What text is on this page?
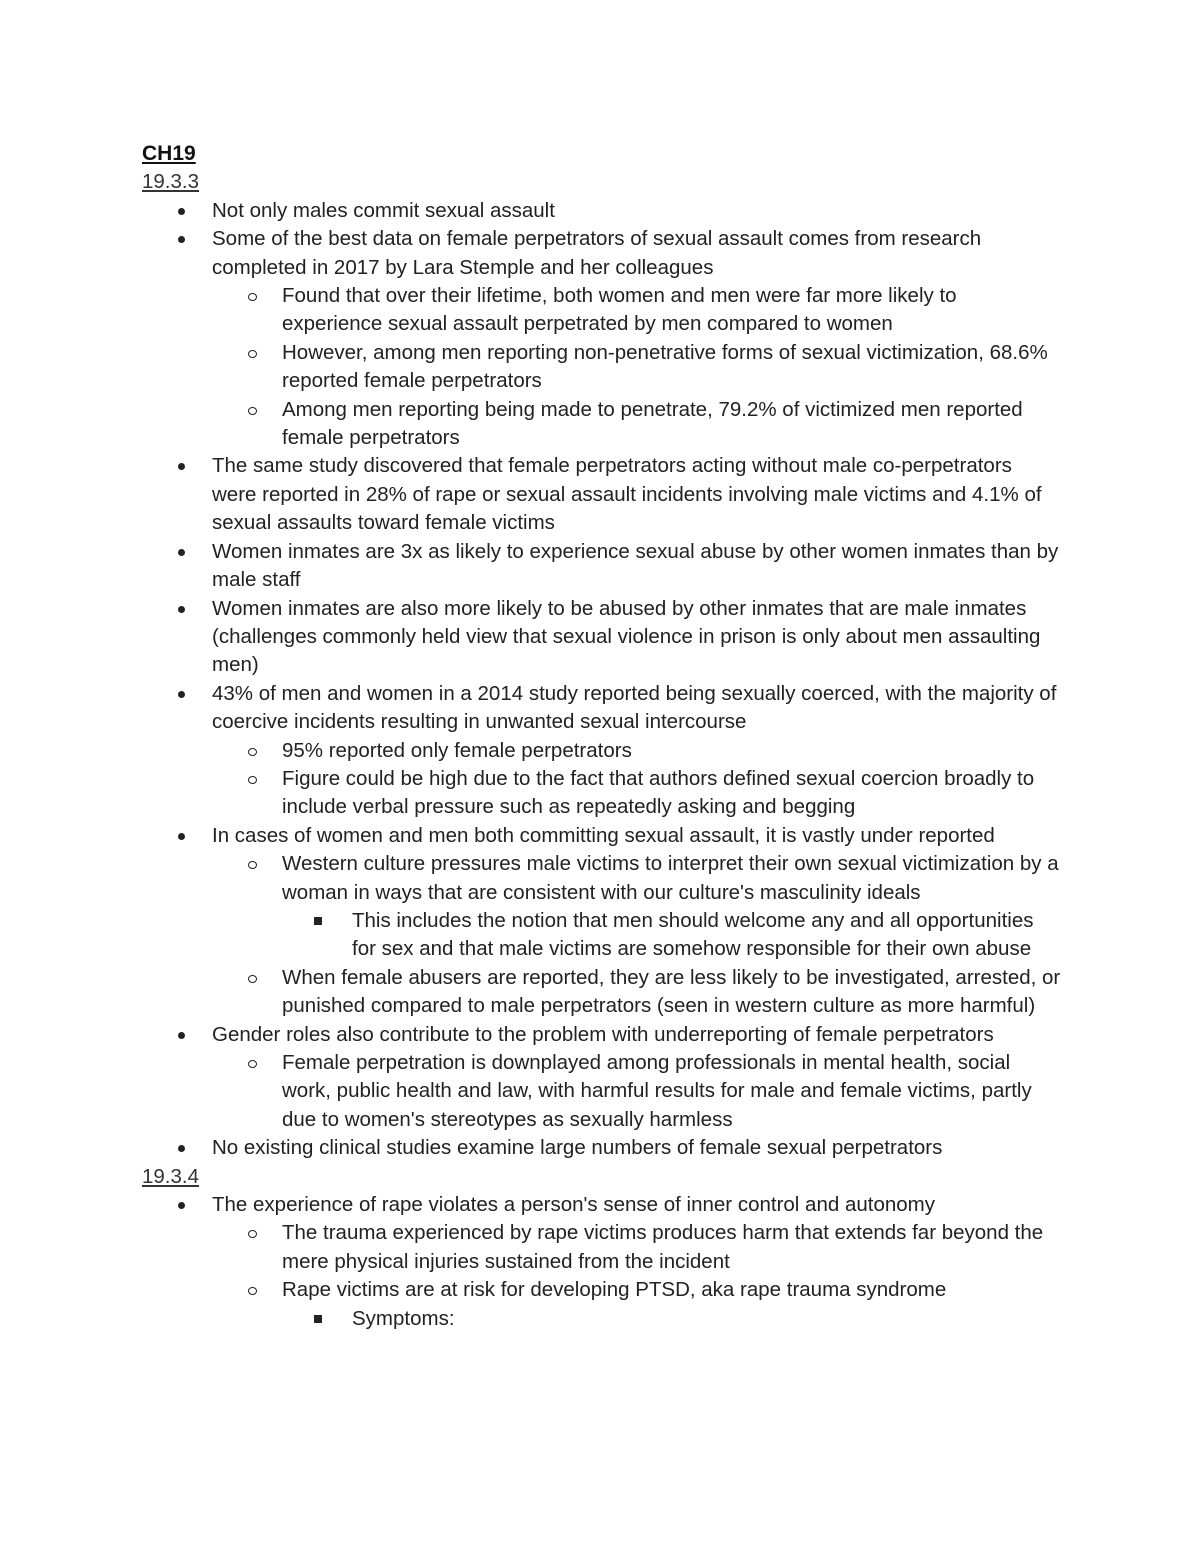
CH19
19.3.3
Not only males commit sexual assault
Some of the best data on female perpetrators of sexual assault comes from research completed in 2017 by Lara Stemple and her colleagues
Found that over their lifetime, both women and men were far more likely to experience sexual assault perpetrated by men compared to women
However, among men reporting non-penetrative forms of sexual victimization, 68.6% reported female perpetrators
Among men reporting being made to penetrate, 79.2% of victimized men reported female perpetrators
The same study discovered that female perpetrators acting without male co-perpetrators were reported in 28% of rape or sexual assault incidents involving male victims and 4.1% of sexual assaults toward female victims
Women inmates are 3x as likely to experience sexual abuse by other women inmates than by male staff
Women inmates are also more likely to be abused by other inmates that are male inmates (challenges commonly held view that sexual violence in prison is only about men assaulting men)
43% of men and women in a 2014 study reported being sexually coerced, with the majority of coercive incidents resulting in unwanted sexual intercourse
95% reported only female perpetrators
Figure could be high due to the fact that authors defined sexual coercion broadly to include verbal pressure such as repeatedly asking and begging
In cases of women and men both committing sexual assault, it is vastly under reported
Western culture pressures male victims to interpret their own sexual victimization by a woman in ways that are consistent with our culture's masculinity ideals
This includes the notion that men should welcome any and all opportunities for sex and that male victims are somehow responsible for their own abuse
When female abusers are reported, they are less likely to be investigated, arrested, or punished compared to male perpetrators (seen in western culture as more harmful)
Gender roles also contribute to the problem with underreporting of female perpetrators
Female perpetration is downplayed among professionals in mental health, social work, public health and law, with harmful results for male and female victims, partly due to women's stereotypes as sexually harmless
No existing clinical studies examine large numbers of female sexual perpetrators
19.3.4
The experience of rape violates a person's sense of inner control and autonomy
The trauma experienced by rape victims produces harm that extends far beyond the mere physical injuries sustained from the incident
Rape victims are at risk for developing PTSD, aka rape trauma syndrome
Symptoms:
